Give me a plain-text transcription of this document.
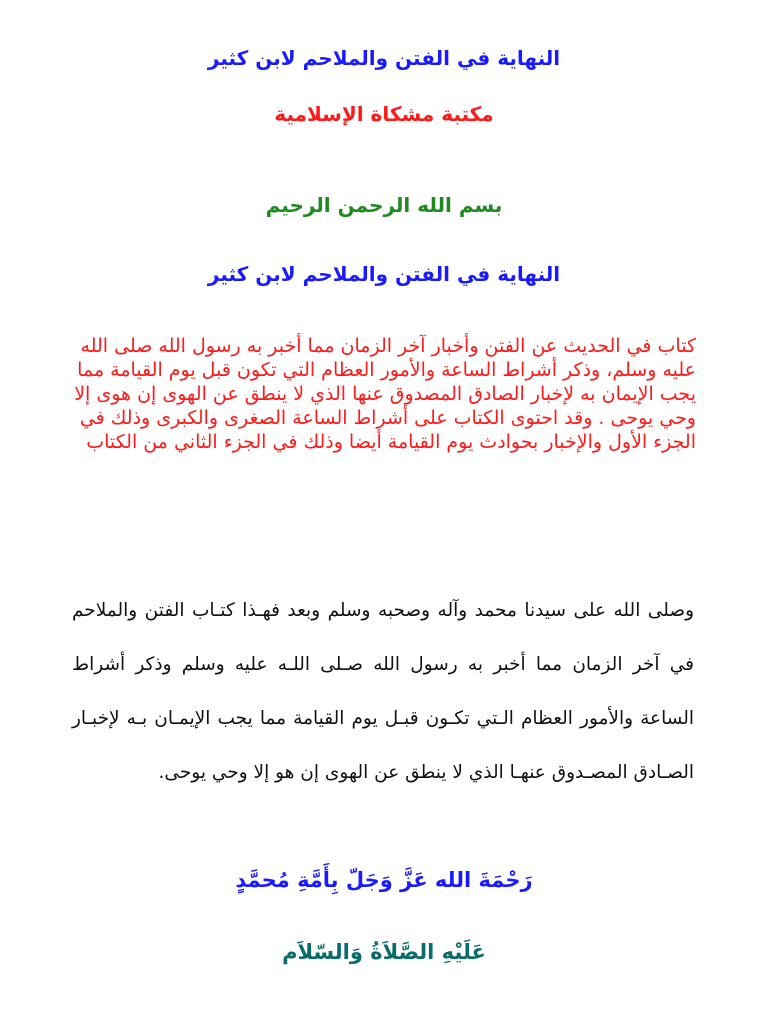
النهاية في الفتن والملاحم لابن كثير
مكتبة مشكاة الإسلامية
بسم الله الرحمن الرحيم
النهاية في الفتن والملاحم لابن كثير

كتاب في الحديث عن الفتن وأخبار آخر الزمان مما أخبر به رسول الله صلى الله عليه وسلم، وذكر أشراط الساعة والأمور العظام التي تكون قبل يوم القيامة مما يجب الإيمان به لإخبار الصادق المصدوق عنها الذي لا ينطق عن الهوى إن هوى إلا وحي يوحى . وقد احتوى الكتاب على أشراط الساعة الصغرى والكبرى وذلك في الجزء الأول والإخبار بحوادث يوم القيامة أيضا وذلك في الجزء الثاني من الكتاب

وصلى الله على سيدنا محمد وآله وصحبه وسلم وبعد فهـذا كتـاب الفتن والملاحم في آخر الزمان مما أخبر به رسول الله صـلى اللـه عليه وسلم وذكر أشراط الساعة والأمور العظام الـتي تكـون قبـل يوم القيامة مما يجب الإيمـان بـه لإخبـار الصـادق المصـدوق عنهـا الذي لا ينطق عن الهوى إن هو إلا وحي يوحى.

رَحْمَةَ الله عَزَّ وَجَلّ بِأَمَّةِ مُحمَّدٍ
عَلَيْهِ الصَّلاَةُ وَالسّلاَم
